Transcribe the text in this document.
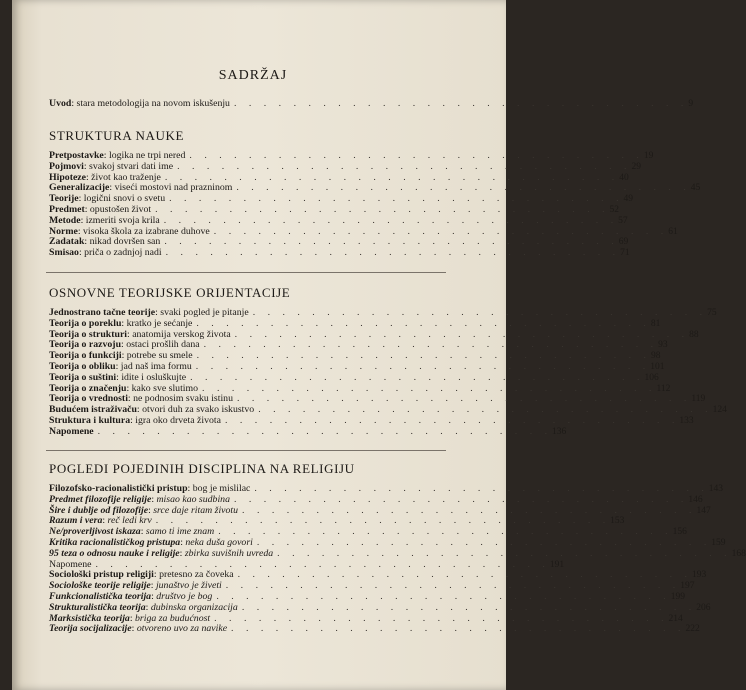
SADRŽAJ
Uvod : stara metodologija na novom iskušenju . . . . . . . . . . . . . . . . . . . . . . . . . . . . . . . 9
STRUKTURA NAUKE
Pretpostavke : logika ne trpi nered . . . . . . . . . . . . . . . . . . . . . . . . . . . . . . . 19
Pojmovi : svakoj stvari dati ime . . . . . . . . . . . . . . . . . . . . . . . . . . . . . . . 29
Hipoteze : život kao traženje . . . . . . . . . . . . . . . . . . . . . . . . . . . . . . . 40
Generalizacije : viseći mostovi nad prazninom . . . . . . . . . . . . . . . . . . . . . . . . . . . . . . . 45
Teorije : logični snovi o svetu . . . . . . . . . . . . . . . . . . . . . . . . . . . . . . . 49
Predmet : opustošen život . . . . . . . . . . . . . . . . . . . . . . . . . . . . . . . 52
Metode : izmeriti svoja krila . . . . . . . . . . . . . . . . . . . . . . . . . . . . . . . 57
Norme : visoka škola za izabrane duhove . . . . . . . . . . . . . . . . . . . . . . . . . . . . . . . 61
Zadatak : nikad dovršen san . . . . . . . . . . . . . . . . . . . . . . . . . . . . . . . 69
Smisao : priča o zadnjoj nadi . . . . . . . . . . . . . . . . . . . . . . . . . . . . . . . 71
OSNOVNE TEORIJSKE ORIJENTACIJE
Jednostrano tačne teorije : svaki pogled je pitanje . . . . . . . . . . . . . . . . . . . . . . . . . . . . . . . 75
Teorija o poreklu : kratko je sećanje . . . . . . . . . . . . . . . . . . . . . . . . . . . . . . . 81
Teorija o strukturi : anatomija verskog života . . . . . . . . . . . . . . . . . . . . . . . . . . . . . . . 88
Teorija o razvoju : ostaci prošlih dana . . . . . . . . . . . . . . . . . . . . . . . . . . . . . . . 93
Teorija o funkciji : potrebe su smele . . . . . . . . . . . . . . . . . . . . . . . . . . . . . . . 98
Teorija o obliku : jad naš ima formu . . . . . . . . . . . . . . . . . . . . . . . . . . . . . . . 101
Teorija o suštini : idite i osluškujte . . . . . . . . . . . . . . . . . . . . . . . . . . . . . . . 106
Teorija o značenju : kako sve slutimo . . . . . . . . . . . . . . . . . . . . . . . . . . . . . . . 112
Teorija o vrednosti : ne podnosim svaku istinu . . . . . . . . . . . . . . . . . . . . . . . . . . . . . . . 119
Budućem istraživaču : otvori duh za svako iskustvo . . . . . . . . . . . . . . . . . . . . . . . . . . . . . . . 124
Struktura i kultura : igra oko drveta života . . . . . . . . . . . . . . . . . . . . . . . . . . . . . . . 133
Napomene . . . . . . . . . . . . . . . . . . . . . . . . . . . . . . . 136
POGLEDI POJEDINIH DISCIPLINA NA RELIGIJU
Filozofsko-racionalistički pristup : bog je mislilac . . . . . . . . . . . . . . . . . . . . . . . . . . . . . . . 143
Predmet filozofije religije : misao kao sudbina . . . . . . . . . . . . . . . . . . . . . . . . . . . . . . . 146
Šire i dublje od filozofije : srce daje ritam životu . . . . . . . . . . . . . . . . . . . . . . . . . . . . . . . 147
Razum i vera : reč ledi krv . . . . . . . . . . . . . . . . . . . . . . . . . . . . . . . 153
Ne/proverljivost iskaza : samo ti ime znam . . . . . . . . . . . . . . . . . . . . . . . . . . . . . . . 156
Kritika racionalističkog pristupa : neka duša govori . . . . . . . . . . . . . . . . . . . . . . . . . . . . . . . 159
95 teza o odnosu nauke i religije : zbirka suvišnih uvreda . . . . . . . . . . . . . . . . . . . . . . . . . . . . . . . 168
Napomene . . . . . . . . . . . . . . . . . . . . . . . . . . . . . . . 191
Sociološki pristup religiji : pretesno za čoveka . . . . . . . . . . . . . . . . . . . . . . . . . . . . . . . 193
Sociološke teorije religije : junaštvo je živeti . . . . . . . . . . . . . . . . . . . . . . . . . . . . . . . 197
Funkcionalistička teorija : društvo je bog . . . . . . . . . . . . . . . . . . . . . . . . . . . . . . . 199
Strukturalistička teorija : dubinska organizacija . . . . . . . . . . . . . . . . . . . . . . . . . . . . . . . 206
Marksistička teorija : briga za budućnost . . . . . . . . . . . . . . . . . . . . . . . . . . . . . . . 214
Teorija socijalizacije : otvoreno uvo za navike . . . . . . . . . . . . . . . . . . . . . . . . . . . . . . . 222
